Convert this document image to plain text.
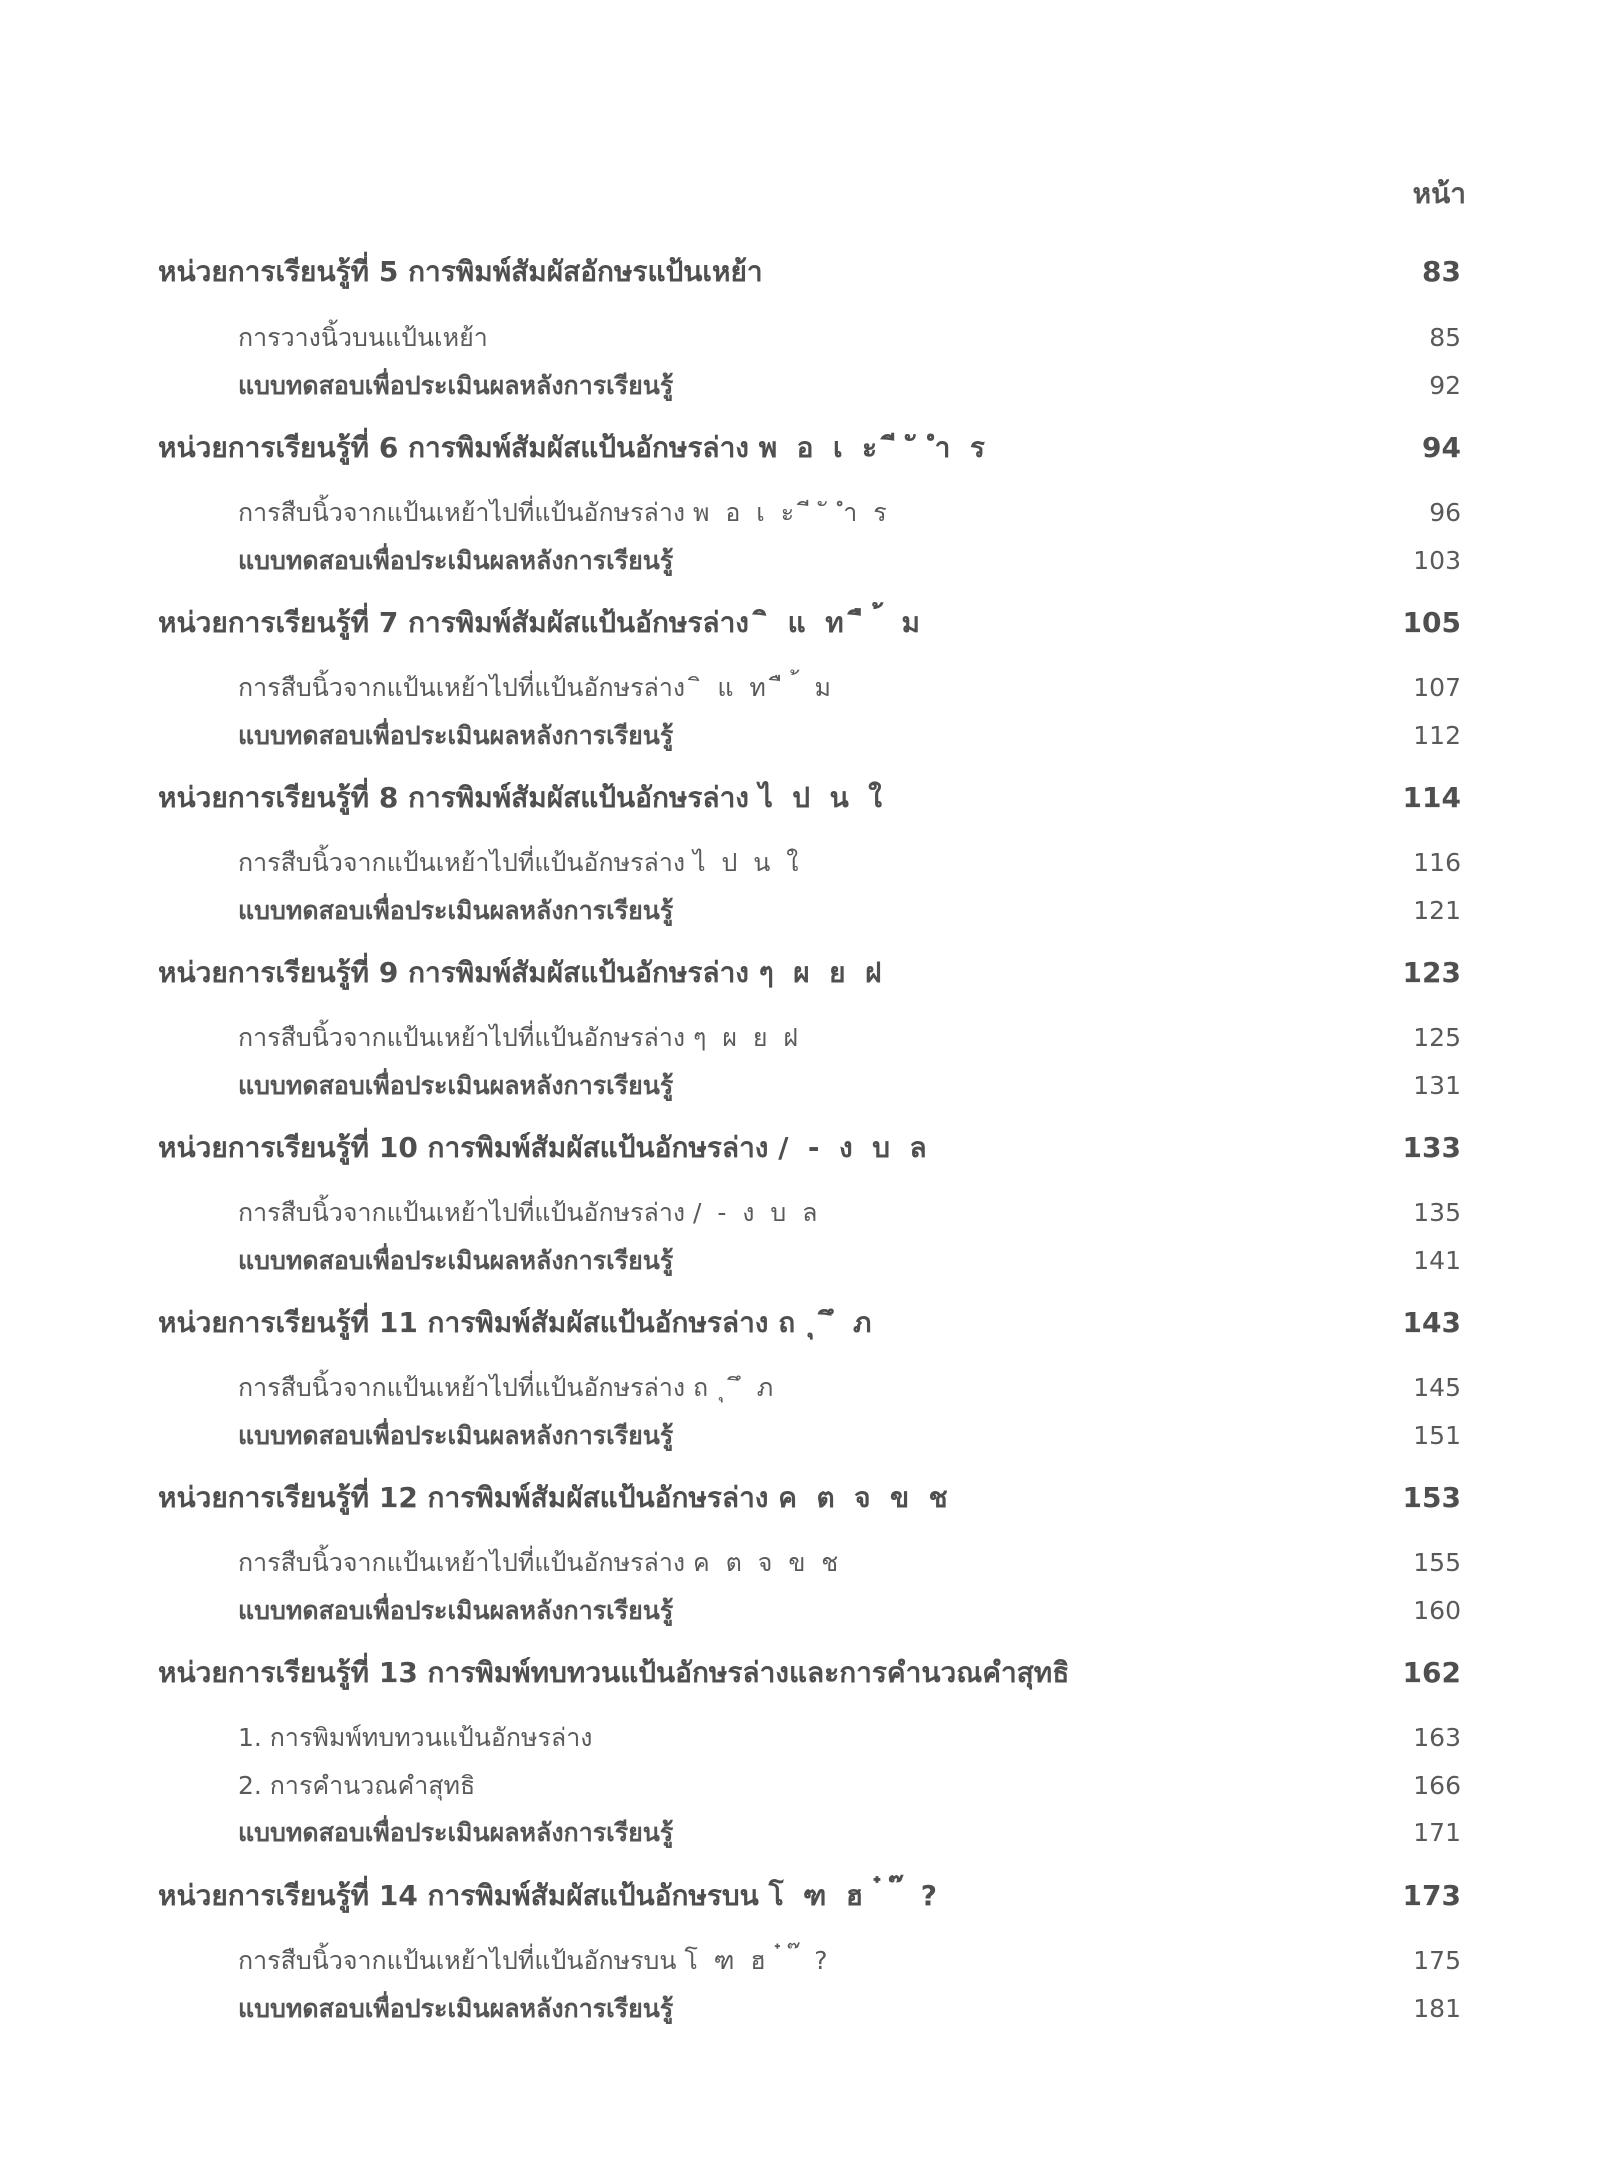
หน้า
หน่วยการเรียนรู้ที่ 5 การพิมพ์สัมผัสอักษรแป้นเหย้า	83
การวางนิ้วบนแป้นเหย้า	85
แบบทดสอบเพื่อประเมินผลหลังการเรียนรู้	92
หน่วยการเรียนรู้ที่ 6 การพิมพ์สัมผัสแป้นอักษรล่าง พ  อ  เ  ะ  ี  ั  ำ  ร	94
การสืบนิ้วจากแป้นเหย้าไปที่แป้นอักษรล่าง พ  อ  เ  ะ  ี  ั  ำ  ร	96
แบบทดสอบเพื่อประเมินผลหลังการเรียนรู้	103
หน่วยการเรียนรู้ที่ 7 การพิมพ์สัมผัสแป้นอักษรล่าง  ิ  แ  ท  ื  ้  ม	105
การสืบนิ้วจากแป้นเหย้าไปที่แป้นอักษรล่าง  ิ  แ  ท  ื  ้  ม	107
แบบทดสอบเพื่อประเมินผลหลังการเรียนรู้	112
หน่วยการเรียนรู้ที่ 8 การพิมพ์สัมผัสแป้นอักษรล่าง ไ  ป  น  ใ	114
การสืบนิ้วจากแป้นเหย้าไปที่แป้นอักษรล่าง ไ  ป  น  ใ	116
แบบทดสอบเพื่อประเมินผลหลังการเรียนรู้	121
หน่วยการเรียนรู้ที่ 9 การพิมพ์สัมผัสแป้นอักษรล่าง ๆ  ผ  ย  ฝ	123
การสืบนิ้วจากแป้นเหย้าไปที่แป้นอักษรล่าง ๆ  ผ  ย  ฝ	125
แบบทดสอบเพื่อประเมินผลหลังการเรียนรู้	131
หน่วยการเรียนรู้ที่ 10 การพิมพ์สัมผัสแป้นอักษรล่าง /  -  ง  บ  ล	133
การสืบนิ้วจากแป้นเหย้าไปที่แป้นอักษรล่าง /  -  ง  บ  ล	135
แบบทดสอบเพื่อประเมินผลหลังการเรียนรู้	141
หน่วยการเรียนรู้ที่ 11 การพิมพ์สัมผัสแป้นอักษรล่าง ถ  ุ  ึ  ภ	143
การสืบนิ้วจากแป้นเหย้าไปที่แป้นอักษรล่าง ถ  ุ  ึ  ภ	145
แบบทดสอบเพื่อประเมินผลหลังการเรียนรู้	151
หน่วยการเรียนรู้ที่ 12 การพิมพ์สัมผัสแป้นอักษรล่าง ค  ต  จ  ข  ช	153
การสืบนิ้วจากแป้นเหย้าไปที่แป้นอักษรล่าง ค  ต  จ  ข  ช	155
แบบทดสอบเพื่อประเมินผลหลังการเรียนรู้	160
หน่วยการเรียนรู้ที่ 13 การพิมพ์ทบทวนแป้นอักษรล่างและการคำนวณคำสุทธิ	162
1. การพิมพ์ทบทวนแป้นอักษรล่าง	163
2. การคำนวณคำสุทธิ	166
แบบทดสอบเพื่อประเมินผลหลังการเรียนรู้	171
หน่วยการเรียนรู้ที่ 14 การพิมพ์สัมผัสแป้นอักษรบน โ  ฑ  ฮ  ๋  ๊  ?	173
การสืบนิ้วจากแป้นเหย้าไปที่แป้นอักษรบน โ  ฑ  ฮ  ๋  ๊  ?	175
แบบทดสอบเพื่อประเมินผลหลังการเรียนรู้	181
